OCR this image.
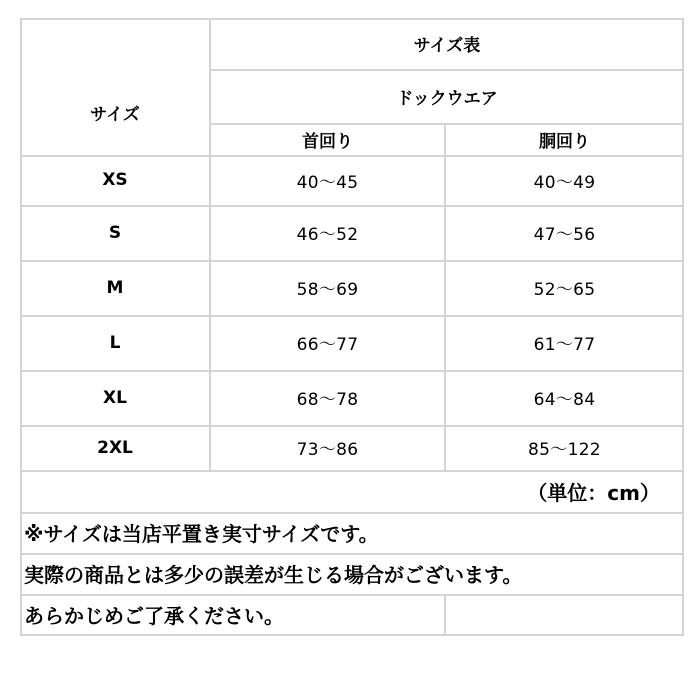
サイズ表
サイズ
ドックウエア
首回り	胴回り
XS	40～45	40～49
S	46～52	47～56
M	58～69	52～65
L	66～77	61～77
XL	68～78	64～84
2XL	73～86	85～122
（単位：cm）
※サイズは当店平置き実寸サイズです。
実際の商品とは多少の誤差が生じる場合がございます。
あらかじめご了承ください。
